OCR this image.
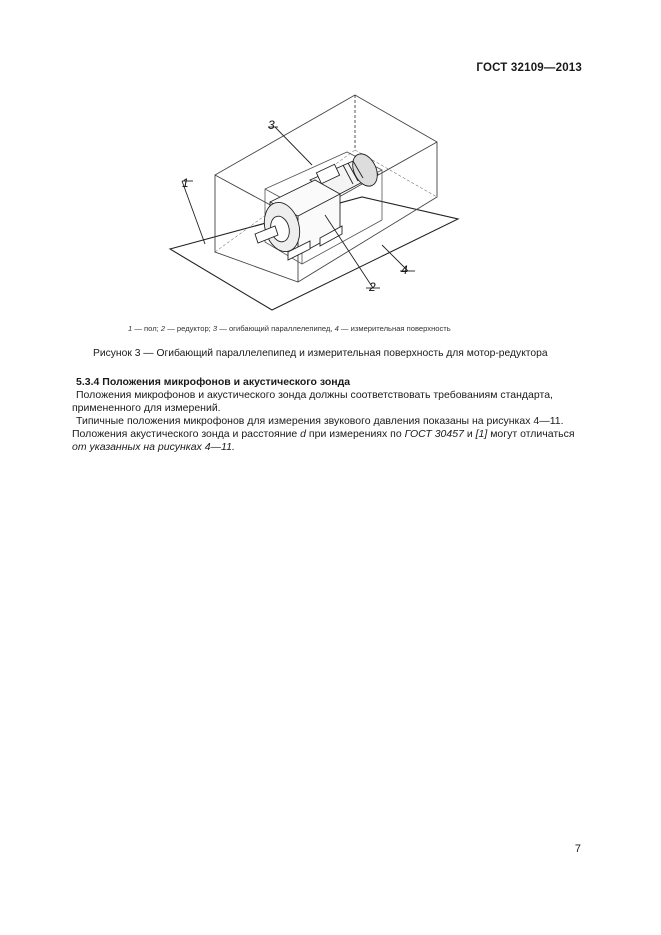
ГОСТ 32109—2013
1
3
2
4
1 — пол; 2 — редуктор; 3 — огибающий параллелепипед, 4 — измерительная поверхность
Рисунок 3 — Огибающий параллелепипед и измерительная поверхность для мотор-редуктора

5.3.4 Положения микрофонов и акустического зонда

Положения микрофонов и акустического зонда должны соответствовать требованиям стандарта,

примененного для измерений.

Типичные положения микрофонов для измерения звукового давления показаны на рисунках 4—11.

Положения акустического зонда и расстояние d при измерениях по ГОСТ 30457 и [1] могут отличаться

от указанных на рисунках 4—11.

7
